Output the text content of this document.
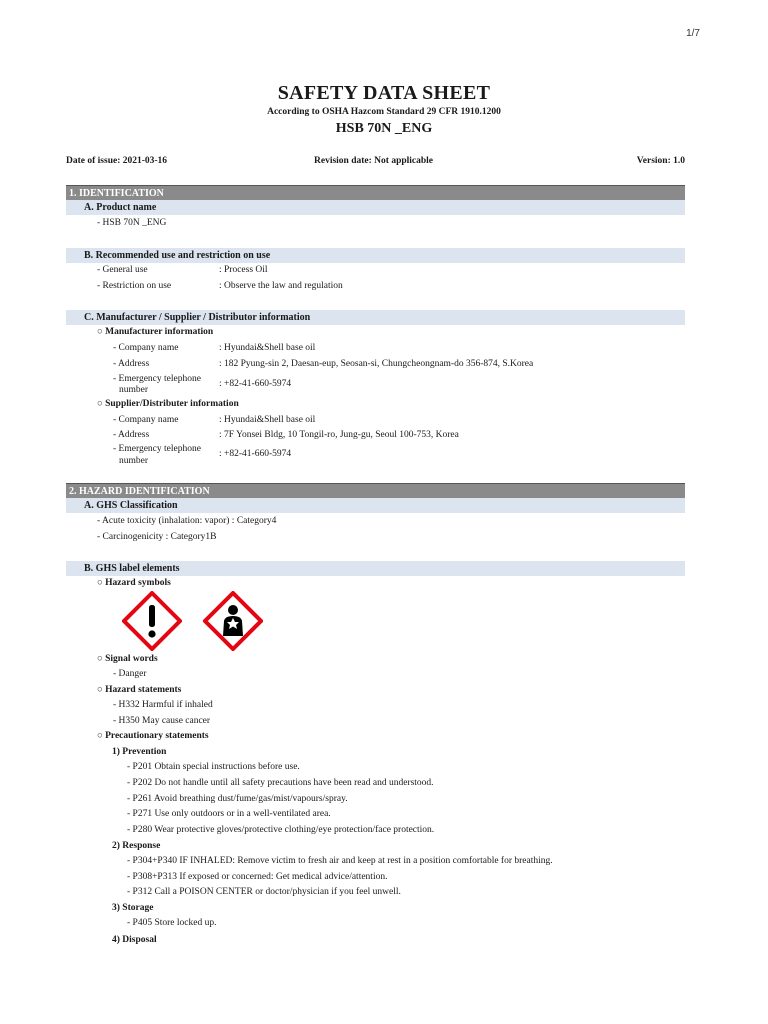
1/7
SAFETY DATA SHEET
According to OSHA Hazcom Standard 29 CFR 1910.1200
HSB 70N _ENG
Date of issue: 2021-03-16	Revision date: Not applicable	Version: 1.0
1. IDENTIFICATION
A. Product name
- HSB 70N _ENG
B. Recommended use and restriction on use
- General use	: Process Oil
- Restriction on use	: Observe the law and regulation
C. Manufacturer / Supplier / Distributor information
○ Manufacturer information
- Company name	: Hyundai&Shell base oil
- Address	: 182 Pyung-sin 2, Daesan-eup, Seosan-si, Chungcheongnam-do 356-874, S.Korea
- Emergency telephone
number
: +82-41-660-5974
○ Supplier/Distributer information
- Company name	: Hyundai&Shell base oil
- Address	: 7F Yonsei Bldg, 10 Tongil-ro, Jung-gu, Seoul 100-753, Korea
- Emergency telephone
number
: +82-41-660-5974
2. HAZARD IDENTIFICATION
A. GHS Classification
- Acute toxicity (inhalation: vapor) : Category4
- Carcinogenicity : Category1B
B. GHS label elements
○ Hazard symbols
○ Signal words
- Danger
○ Hazard statements
- H332 Harmful if inhaled
- H350 May cause cancer
○ Precautionary statements
1) Prevention
- P201 Obtain special instructions before use.
- P202 Do not handle until all safety precautions have been read and understood.
- P261 Avoid breathing dust/fume/gas/mist/vapours/spray.
- P271 Use only outdoors or in a well-ventilated area.
- P280 Wear protective gloves/protective clothing/eye protection/face protection.
2) Response
- P304+P340 IF INHALED: Remove victim to fresh air and keep at rest in a position comfortable for breathing.
- P308+P313 If exposed or concerned: Get medical advice/attention.
- P312 Call a POISON CENTER or doctor/physician if you feel unwell.
3) Storage
- P405 Store locked up.
4) Disposal
